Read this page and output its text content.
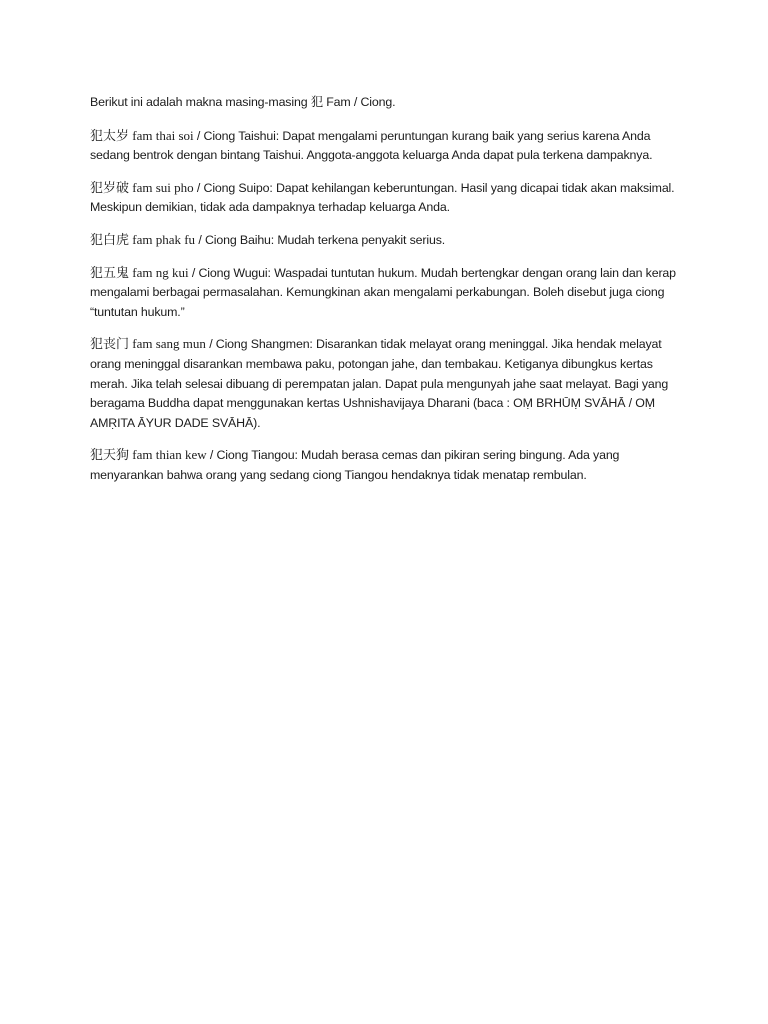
Berikut ini adalah makna masing-masing 犯 Fam / Ciong.

犯太岁 fam thai soi / Ciong Taishui: Dapat mengalami peruntungan kurang baik yang serius karena Anda sedang bentrok dengan bintang Taishui. Anggota-anggota keluarga Anda dapat pula terkena dampaknya.

犯岁破 fam sui pho / Ciong Suipo: Dapat kehilangan keberuntungan. Hasil yang dicapai tidak akan maksimal. Meskipun demikian, tidak ada dampaknya terhadap keluarga Anda.

犯白虎 fam phak fu / Ciong Baihu: Mudah terkena penyakit serius.

犯五鬼 fam ng kui / Ciong Wugui: Waspadai tuntutan hukum. Mudah bertengkar dengan orang lain dan kerap mengalami berbagai permasalahan. Kemungkinan akan mengalami perkabungan. Boleh disebut juga ciong “tuntutan hukum.”

犯丧门 fam sang mun / Ciong Shangmen: Disarankan tidak melayat orang meninggal. Jika hendak melayat orang meninggal disarankan membawa paku, potongan jahe, dan tembakau. Ketiganya dibungkus kertas merah. Jika telah selesai dibuang di perempatan jalan. Dapat pula mengunyah jahe saat melayat. Bagi yang beragama Buddha dapat menggunakan kertas Ushnishavijaya Dharani (baca : OṂ BRHŪṂ SVĀHĀ / OṂ AMṚITA ĀYUR DADE SVĀHĀ).

犯天狗 fam thian kew / Ciong Tiangou: Mudah berasa cemas dan pikiran sering bingung. Ada yang menyarankan bahwa orang yang sedang ciong Tiangou hendaknya tidak menatap rembulan.
